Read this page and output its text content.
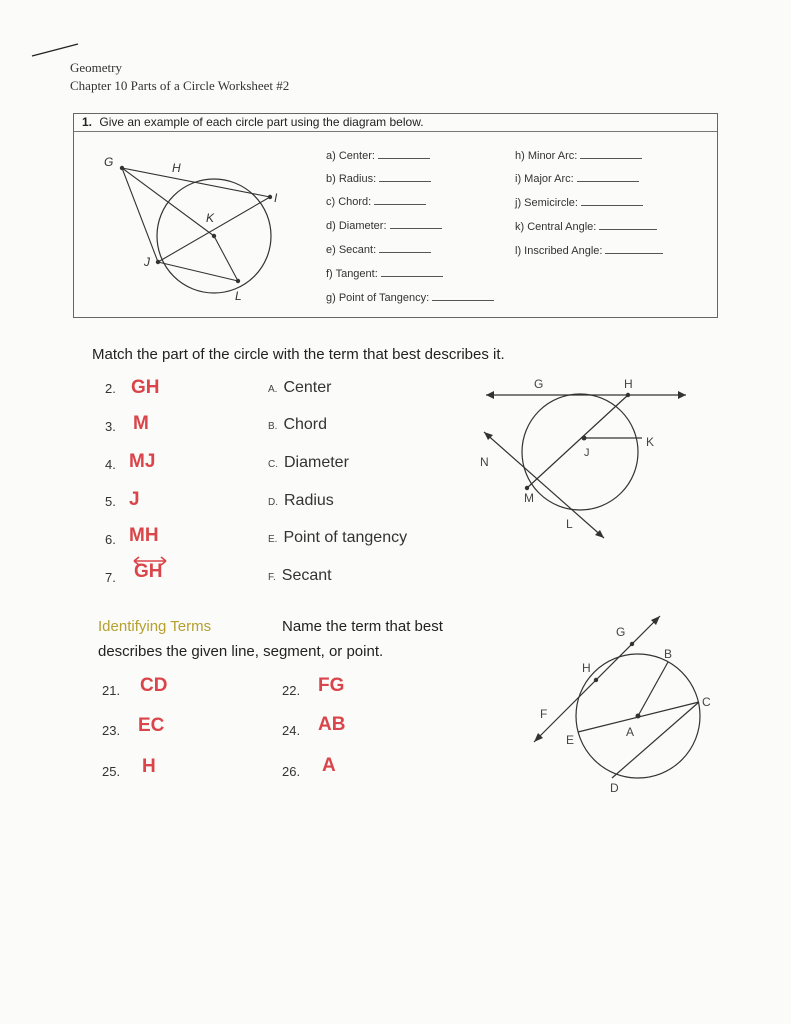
Geometry
Chapter 10 Parts of a Circle Worksheet #2
1. Give an example of each circle part using the diagram below.
G	H
I
K
J
L
a) Center:
b) Radius:
c) Chord:
d) Diameter:
e) Secant:
f) Tangent:
g) Point of Tangency:
h) Minor Arc:
i) Major Arc:
j) Semicircle:
k) Central Angle:
l) Inscribed Angle:
Match the part of the circle with the term that best describes it.
2. GH
3. M
4. MJ
5. J
6. MH
7. GH
A. Center
B. Chord
C. Diameter
D. Radius
E. Point of tangency
F. Secant
G	H
K
J
N
M
L
Identifying Terms	Name the term that best
describes the given line, segment, or point.
21. CD	22. FG
23. EC	24. AB
25. H	26. A
G
B
H
C
F
E
A
D
